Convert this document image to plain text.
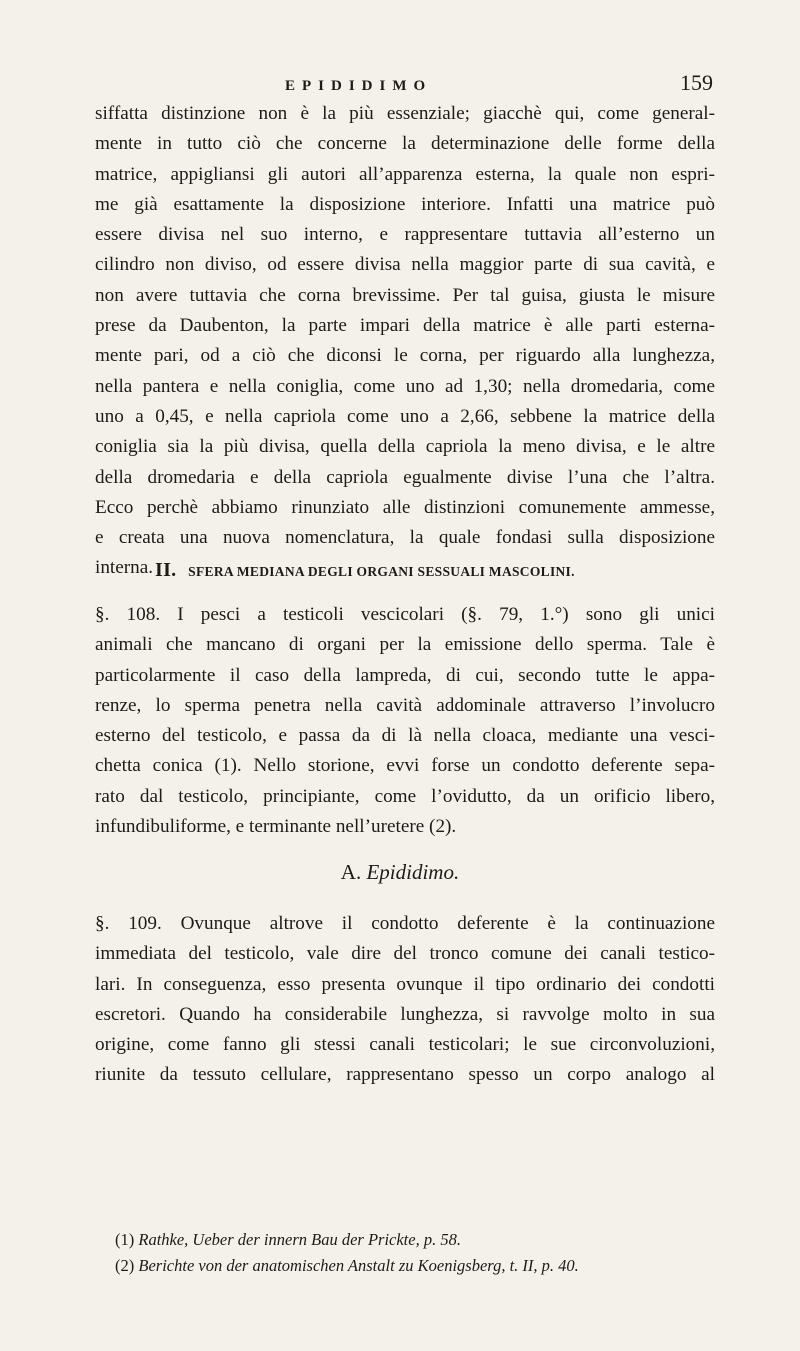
EPIDIDIMO	159
siffatta distinzione non è la più essenziale; giacchè qui, come general-
mente in tutto ciò che concerne la determinazione delle forme della
matrice, appigliansi gli autori all’apparenza esterna, la quale non espri-
me già esattamente la disposizione interiore. Infatti una matrice può
essere divisa nel suo interno, e rappresentare tuttavia all’esterno un
cilindro non diviso, od essere divisa nella maggior parte di sua cavità, e
non avere tuttavia che corna brevissime. Per tal guisa, giusta le misure
prese da Daubenton, la parte impari della matrice è alle parti esterna-
mente pari, od a ciò che diconsi le corna, per riguardo alla lunghezza,
nella pantera e nella coniglia, come uno ad 1,30; nella dromedaria, come
uno a 0,45, e nella capriola come uno a 2,66, sebbene la matrice della
coniglia sia la più divisa, quella della capriola la meno divisa, e le altre
della dromedaria e della capriola egualmente divise l’una che l’altra.
Ecco perchè abbiamo rinunziato alle distinzioni comunemente ammesse,
e creata una nuova nomenclatura, la quale fondasi sulla disposizione
interna. II. SFERA MEDIANA DEGLI ORGANI SESSUALI MASCOLINI.
§. 108. I pesci a testicoli vescicolari (§. 79, 1.°) sono gli unici
animali che mancano di organi per la emissione dello sperma. Tale è
particolarmente il caso della lampreda, di cui, secondo tutte le appa-
renze, lo sperma penetra nella cavità addominale attraverso l’involucro
esterno del testicolo, e passa da di là nella cloaca, mediante una vesci-
chetta conica (1). Nello storione, evvi forse un condotto deferente sepa-
rato dal testicolo, principiante, come l’ovidutto, da un orificio libero,
infundibuliforme, e terminante nell’uretere (2).
A. Epididimo.
§. 109. Ovunque altrove il condotto deferente è la continuazione
immediata del testicolo, vale dire del tronco comune dei canali testico-
lari. In conseguenza, esso presenta ovunque il tipo ordinario dei condotti
escretori. Quando ha considerabile lunghezza, si ravvolge molto in sua
origine, come fanno gli stessi canali testicolari; le sue circonvoluzioni,
riunite da tessuto cellulare, rappresentano spesso un corpo analogo al
(1) Rathke, Ueber der innern Bau der Prickte, p. 58.
(2) Berichte von der anatomischen Anstalt zu Koenigsberg, t. II, p. 40.
